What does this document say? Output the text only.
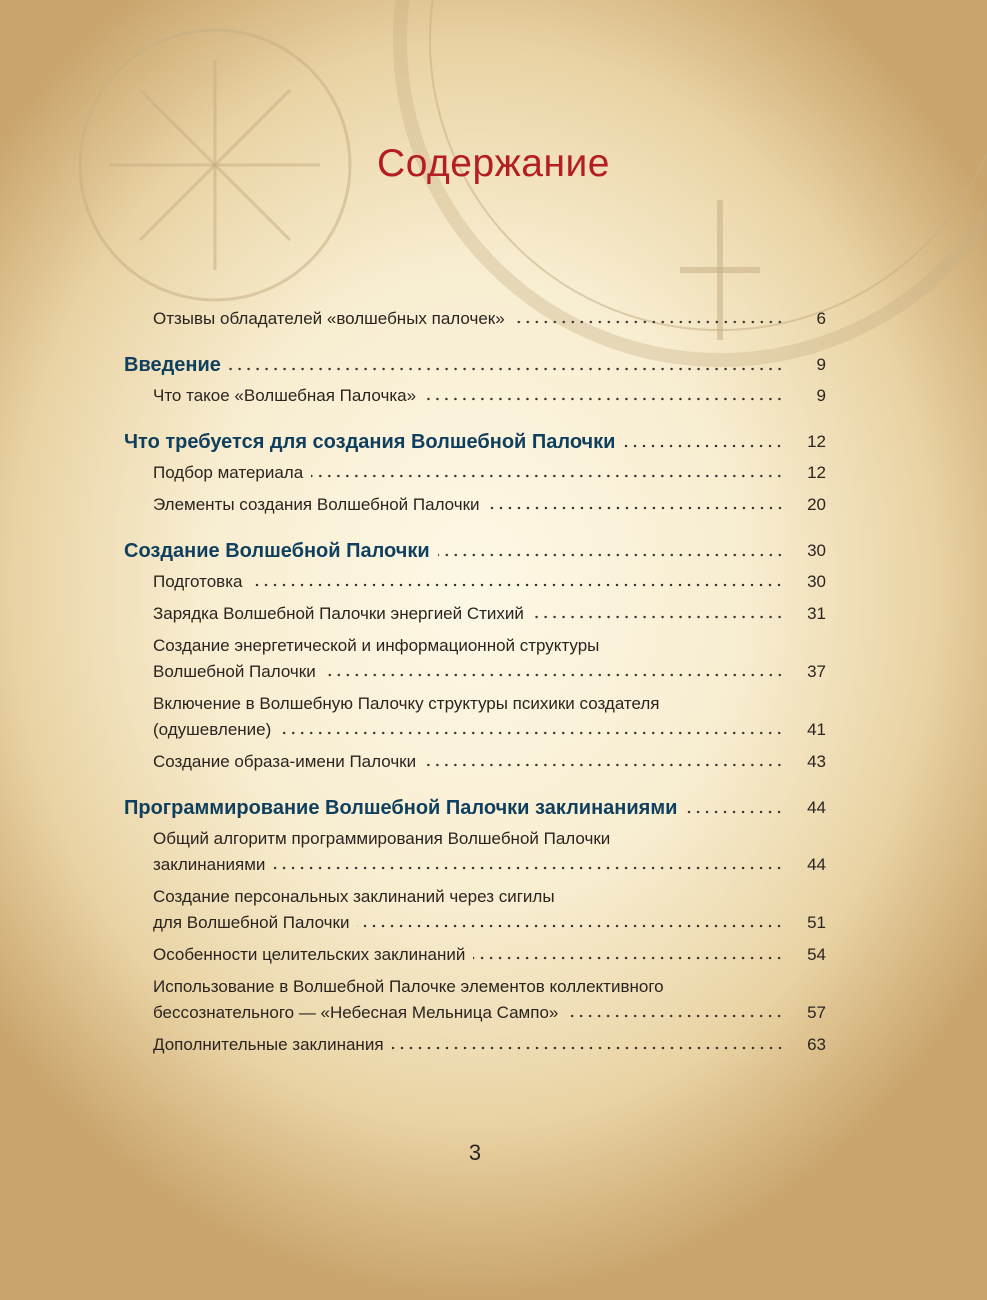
Содержание
Отзывы обладателей «волшебных палочек»	6
Введение	9
Что такое «Волшебная Палочка»	9
Что требуется для создания Волшебной Палочки	12
Подбор материала	12
Элементы создания Волшебной Палочки	20
Создание Волшебной Палочки	30
Подготовка	30
Зарядка Волшебной Палочки энергией Стихий	31
Создание энергетической и информационной структуры
Волшебной Палочки	37
Включение в Волшебную Палочку структуры психики создателя
(одушевление)	41
Создание образа-имени Палочки	43
Программирование Волшебной Палочки заклинаниями	44
Общий алгоритм программирования Волшебной Палочки
заклинаниями	44
Создание персональных заклинаний через сигилы
для Волшебной Палочки	51
Особенности целительских заклинаний	54
Использование в Волшебной Палочке элементов коллективного
бессознательного — «Небесная Мельница Сампо»	57
Дополнительные заклинания	63
3
